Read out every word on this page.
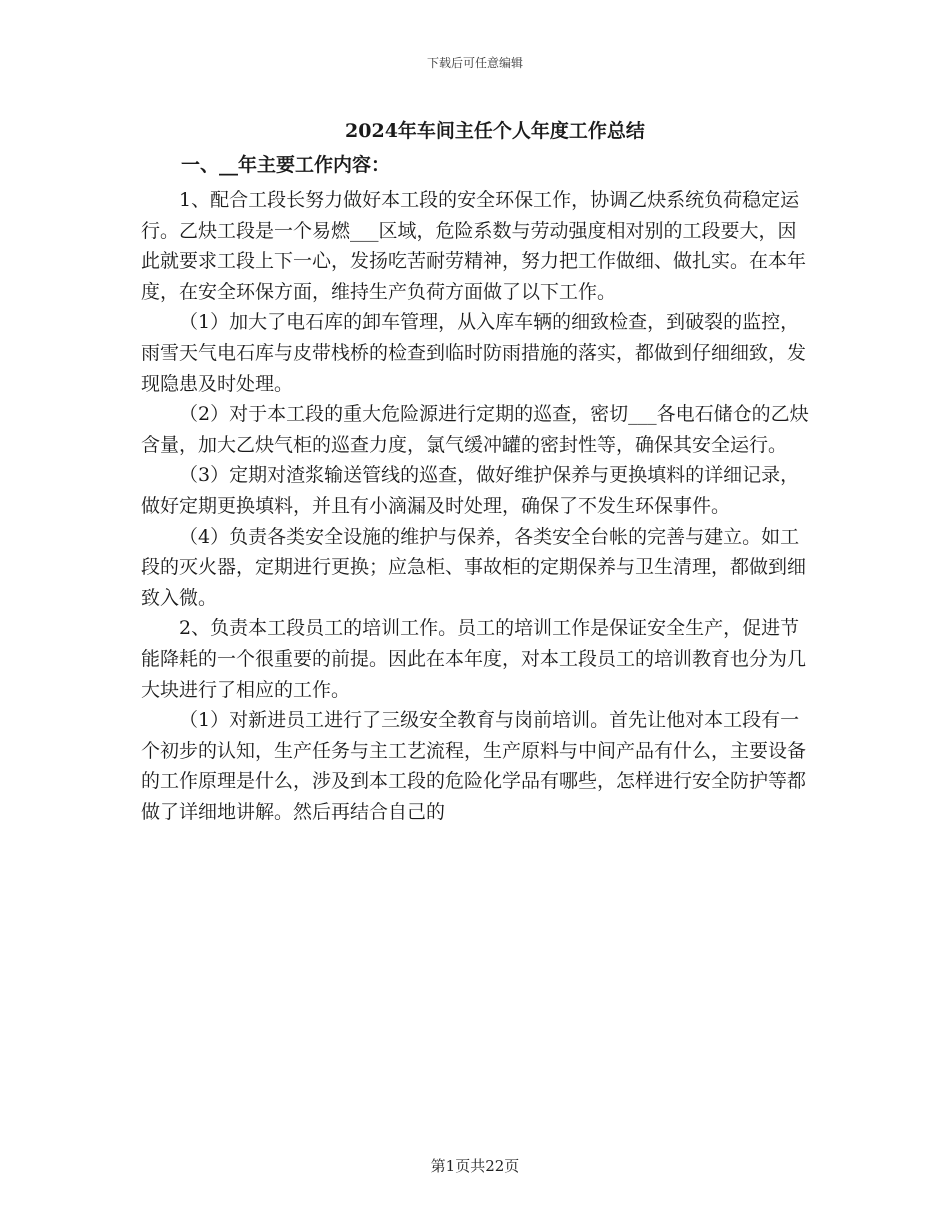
下载后可任意编辑
2024年车间主任个人年度工作总结
一、__年主要工作内容：

1、配合工段长努力做好本工段的安全环保工作，协调乙炔系统负荷稳定运行。乙炔工段是一个易燃___区域，危险系数与劳动强度相对别的工段要大，因此就要求工段上下一心，发扬吃苦耐劳精神，努力把工作做细、做扎实。在本年度，在安全环保方面，维持生产负荷方面做了以下工作。

（1）加大了电石库的卸车管理，从入库车辆的细致检查，到破裂的监控，雨雪天气电石库与皮带栈桥的检查到临时防雨措施的落实，都做到仔细细致，发现隐患及时处理。

（2）对于本工段的重大危险源进行定期的巡查，密切___各电石储仓的乙炔含量，加大乙炔气柜的巡查力度，氯气缓冲罐的密封性等，确保其安全运行。

（3）定期对渣浆输送管线的巡查，做好维护保养与更换填料的详细记录，做好定期更换填料，并且有小滴漏及时处理，确保了不发生环保事件。

（4）负责各类安全设施的维护与保养，各类安全台帐的完善与建立。如工段的灭火器，定期进行更换；应急柜、事故柜的定期保养与卫生清理，都做到细致入微。

2、负责本工段员工的培训工作。员工的培训工作是保证安全生产，促进节能降耗的一个很重要的前提。因此在本年度，对本工段员工的培训教育也分为几大块进行了相应的工作。

（1）对新进员工进行了三级安全教育与岗前培训。首先让他对本工段有一个初步的认知，生产任务与主工艺流程，生产原料与中间产品有什么，主要设备的工作原理是什么，涉及到本工段的危险化学品有哪些，怎样进行安全防护等都做了详细地讲解。然后再结合自己的

第1页共22页
